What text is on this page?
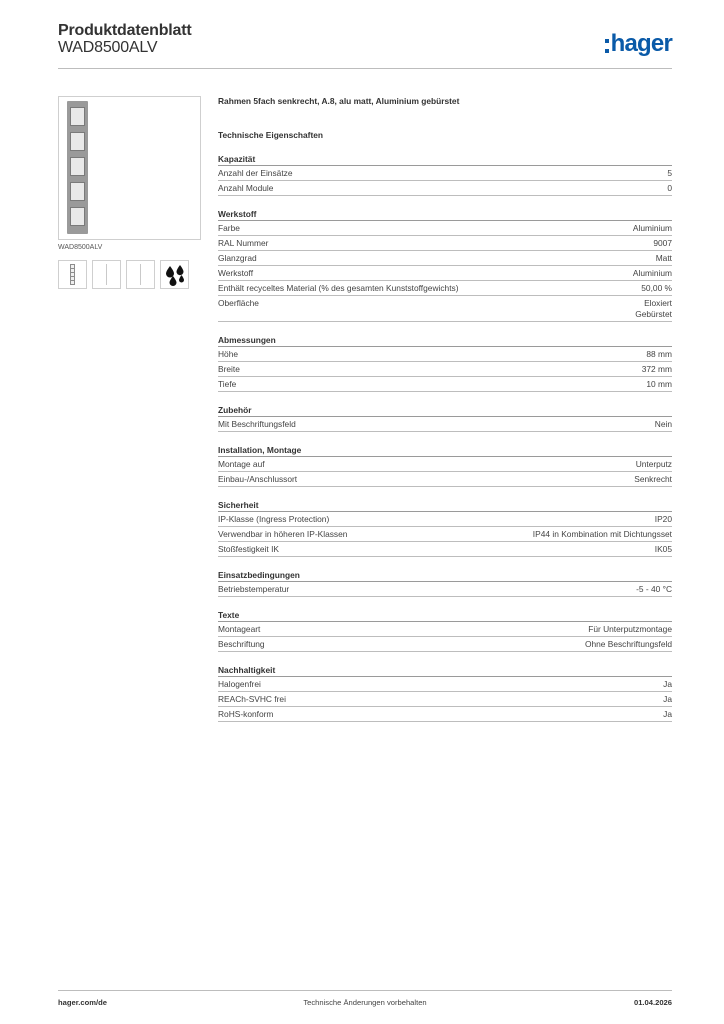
Produktdatenblatt
WAD8500ALV	hager
WAD8500ALV
Rahmen 5fach senkrecht, A.8, alu matt, Aluminium gebürstet
Technische Eigenschaften
Kapazität
Anzahl der Einsätze	5
Anzahl Module	0
Werkstoff
Farbe	Aluminium
RAL Nummer	9007
Glanzgrad	Matt
Werkstoff	Aluminium
Enthält recyceltes Material (% des gesamten Kunststoffgewichts)	50,00 %
Oberfläche	Eloxiert
Gebürstet
Abmessungen
Höhe	88 mm
Breite	372 mm
Tiefe	10 mm
Zubehör
Mit Beschriftungsfeld	Nein
Installation, Montage
Montage auf	Unterputz
Einbau-/Anschlussort	Senkrecht
Sicherheit
IP-Klasse (Ingress Protection)	IP20
Verwendbar in höheren IP-Klassen	IP44 in Kombination mit Dichtungsset
Stoßfestigkeit IK	IK05
Einsatzbedingungen
Betriebstemperatur	-5 - 40 °C
Texte
Montageart	Für Unterputzmontage
Beschriftung	Ohne Beschriftungsfeld
Nachhaltigkeit
Halogenfrei	Ja
REACh-SVHC frei	Ja
RoHS-konform	Ja
Technische Änderungen vorbehalten
hager.com/de	01.04.2026
